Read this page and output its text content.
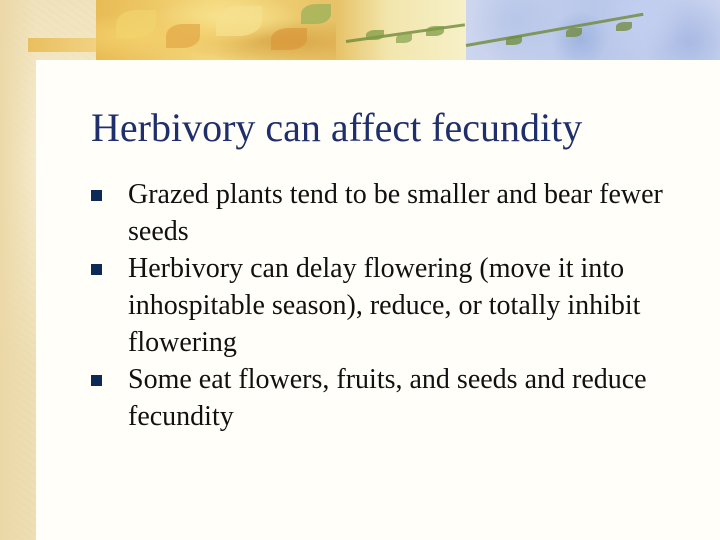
Herbivory can affect fecundity
Grazed plants tend to be smaller and bear fewer seeds
Herbivory can delay flowering (move it into inhospitable season), reduce, or totally inhibit flowering
Some eat flowers, fruits, and seeds and reduce fecundity
